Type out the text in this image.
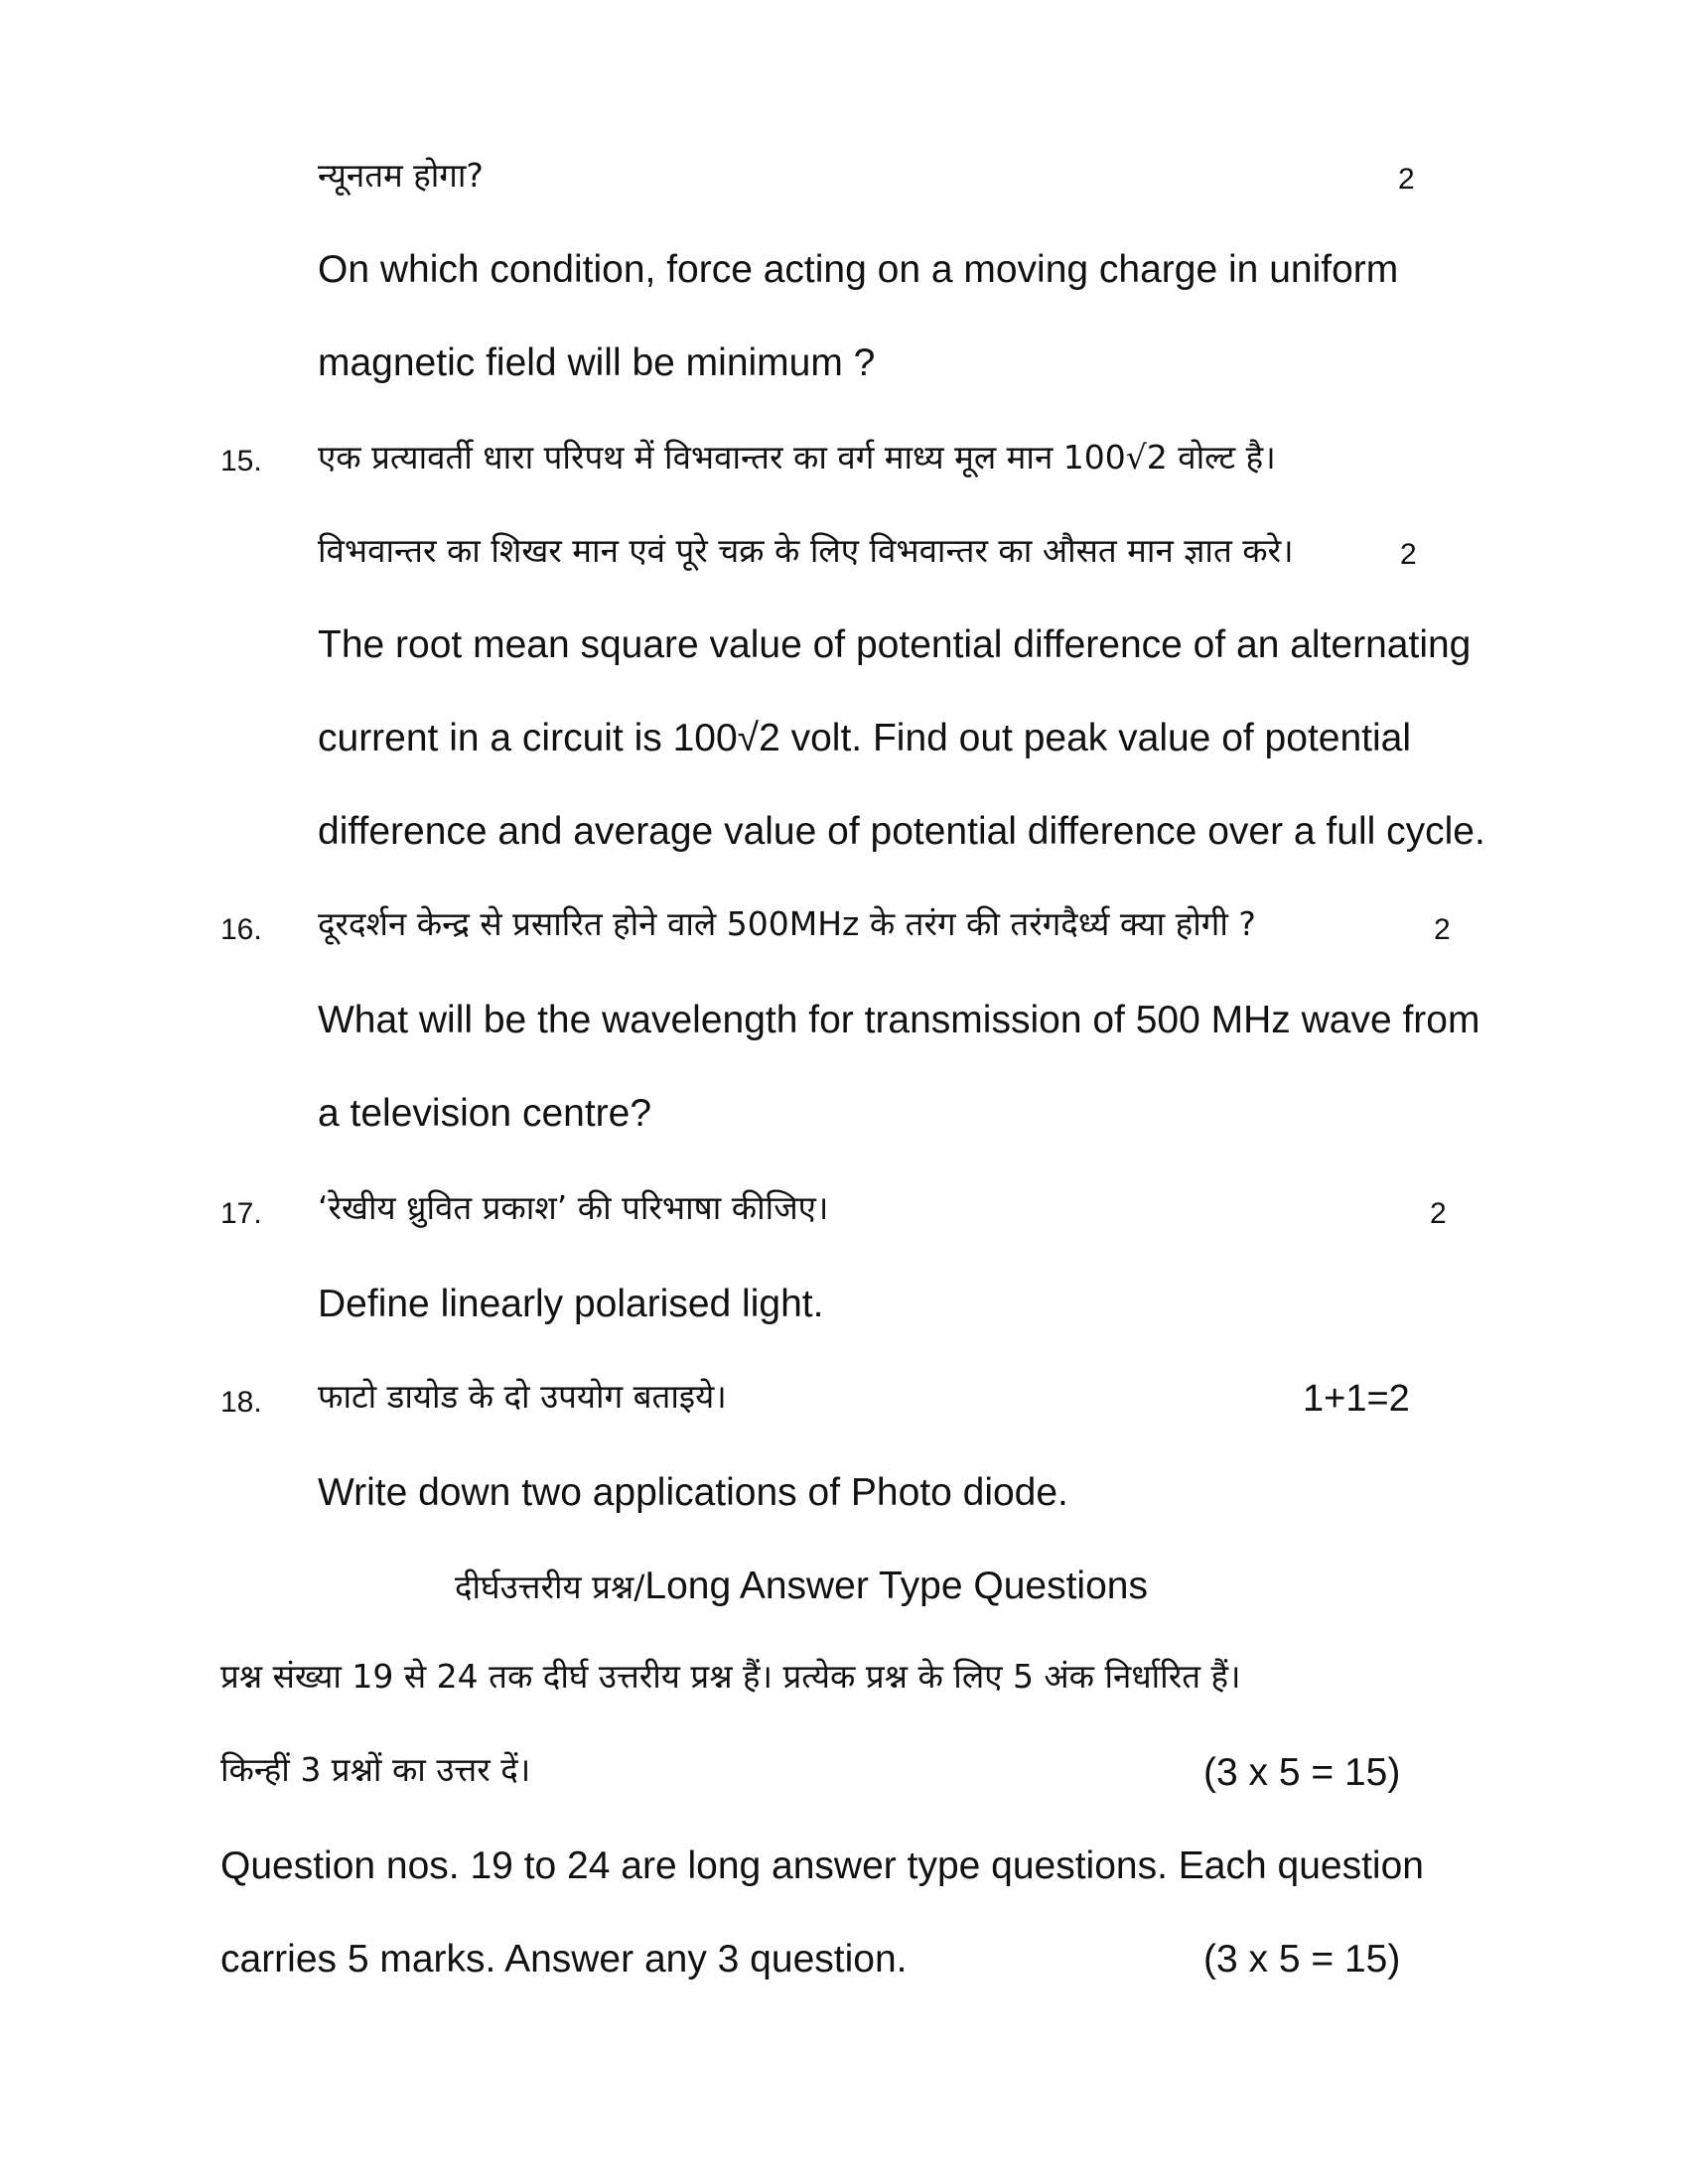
न्यूनतम होगा?	2
On which condition, force acting on a moving charge in uniform
magnetic field will be minimum ?
15. एक प्रत्यावर्ती धारा परिपथ में विभवान्तर का वर्ग माध्य मूल मान 100√2 वोल्ट है।
विभवान्तर का शिखर मान एवं पूरे चक्र के लिए विभवान्तर का औसत मान ज्ञात करे।	2
The root mean square value of potential difference of an alternating
current in a circuit is 100√2 volt. Find out peak value of potential
difference and average value of potential difference over a full cycle.
16. दूरदर्शन केन्द्र से प्रसारित होने वाले 500MHz के तरंग की तरंगदैर्ध्य क्या होगी ?	2
What will be the wavelength for transmission of 500 MHz wave from
a television centre?
17. ‘रेखीय ध्रुवित प्रकाश’ की परिभाषा कीजिए।	2
Define linearly polarised light.
18. फाटो डायोड के दो उपयोग बताइये।	1+1=2
Write down two applications of Photo diode.
दीर्घउत्तरीय प्रश्न/Long Answer Type Questions
प्रश्न संख्या 19 से 24 तक दीर्घ उत्तरीय प्रश्न हैं। प्रत्येक प्रश्न के लिए 5 अंक निर्धारित हैं।
किन्हीं 3 प्रश्नों का उत्तर दें।	(3 x 5 = 15)
Question nos. 19 to 24 are long answer type questions. Each question
carries 5 marks. Answer any 3 question.	(3 x 5 = 15)
